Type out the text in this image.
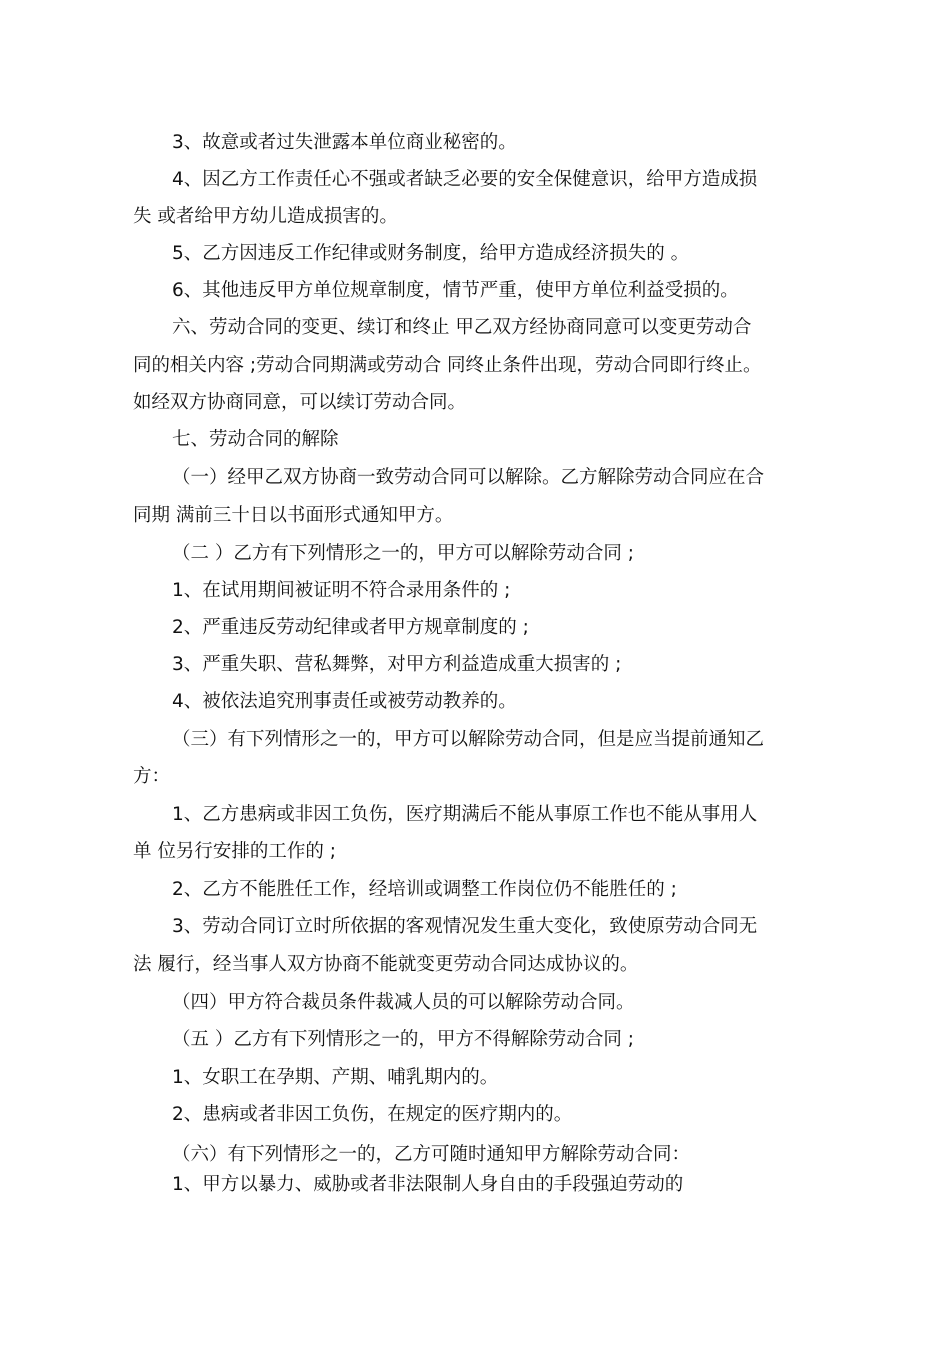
3、故意或者过失泄露本单位商业秘密的。

4、因乙方工作责任心不强或者缺乏必要的安全保健意识，给甲方造成损

失 或者给甲方幼儿造成损害的。

5、乙方因违反工作纪律或财务制度，给甲方造成经济损失的 。

6、其他违反甲方单位规章制度，情节严重，使甲方单位利益受损的。

六、劳动合同的变更、续订和终止 甲乙双方经协商同意可以变更劳动合

同的相关内容 ;劳动合同期满或劳动合 同终止条件出现，劳动合同即行终止。

如经双方协商同意，可以续订劳动合同。

七、劳动合同的解除

（一）经甲乙双方协商一致劳动合同可以解除。乙方解除劳动合同应在合

同期 满前三十日以书面形式通知甲方。

（二 ）乙方有下列情形之一的，甲方可以解除劳动合同 ;

1、在试用期间被证明不符合录用条件的 ;

2、严重违反劳动纪律或者甲方规章制度的 ;

3、严重失职、营私舞弊，对甲方利益造成重大损害的 ;

4、被依法追究刑事责任或被劳动教养的。

（三）有下列情形之一的，甲方可以解除劳动合同，但是应当提前通知乙

方：

1、乙方患病或非因工负伤，医疗期满后不能从事原工作也不能从事用人

单 位另行安排的工作的 ;

2、乙方不能胜任工作，经培训或调整工作岗位仍不能胜任的 ;

3、劳动合同订立时所依据的客观情况发生重大变化，致使原劳动合同无

法 履行，经当事人双方协商不能就变更劳动合同达成协议的。

（四）甲方符合裁员条件裁减人员的可以解除劳动合同。

（五 ）乙方有下列情形之一的，甲方不得解除劳动合同 ;

1、女职工在孕期、产期、哺乳期内的。

2、患病或者非因工负伤，在规定的医疗期内的。

（六）有下列情形之一的，乙方可随时通知甲方解除劳动合同：

1、甲方以暴力、威胁或者非法限制人身自由的手段强迫劳动的
